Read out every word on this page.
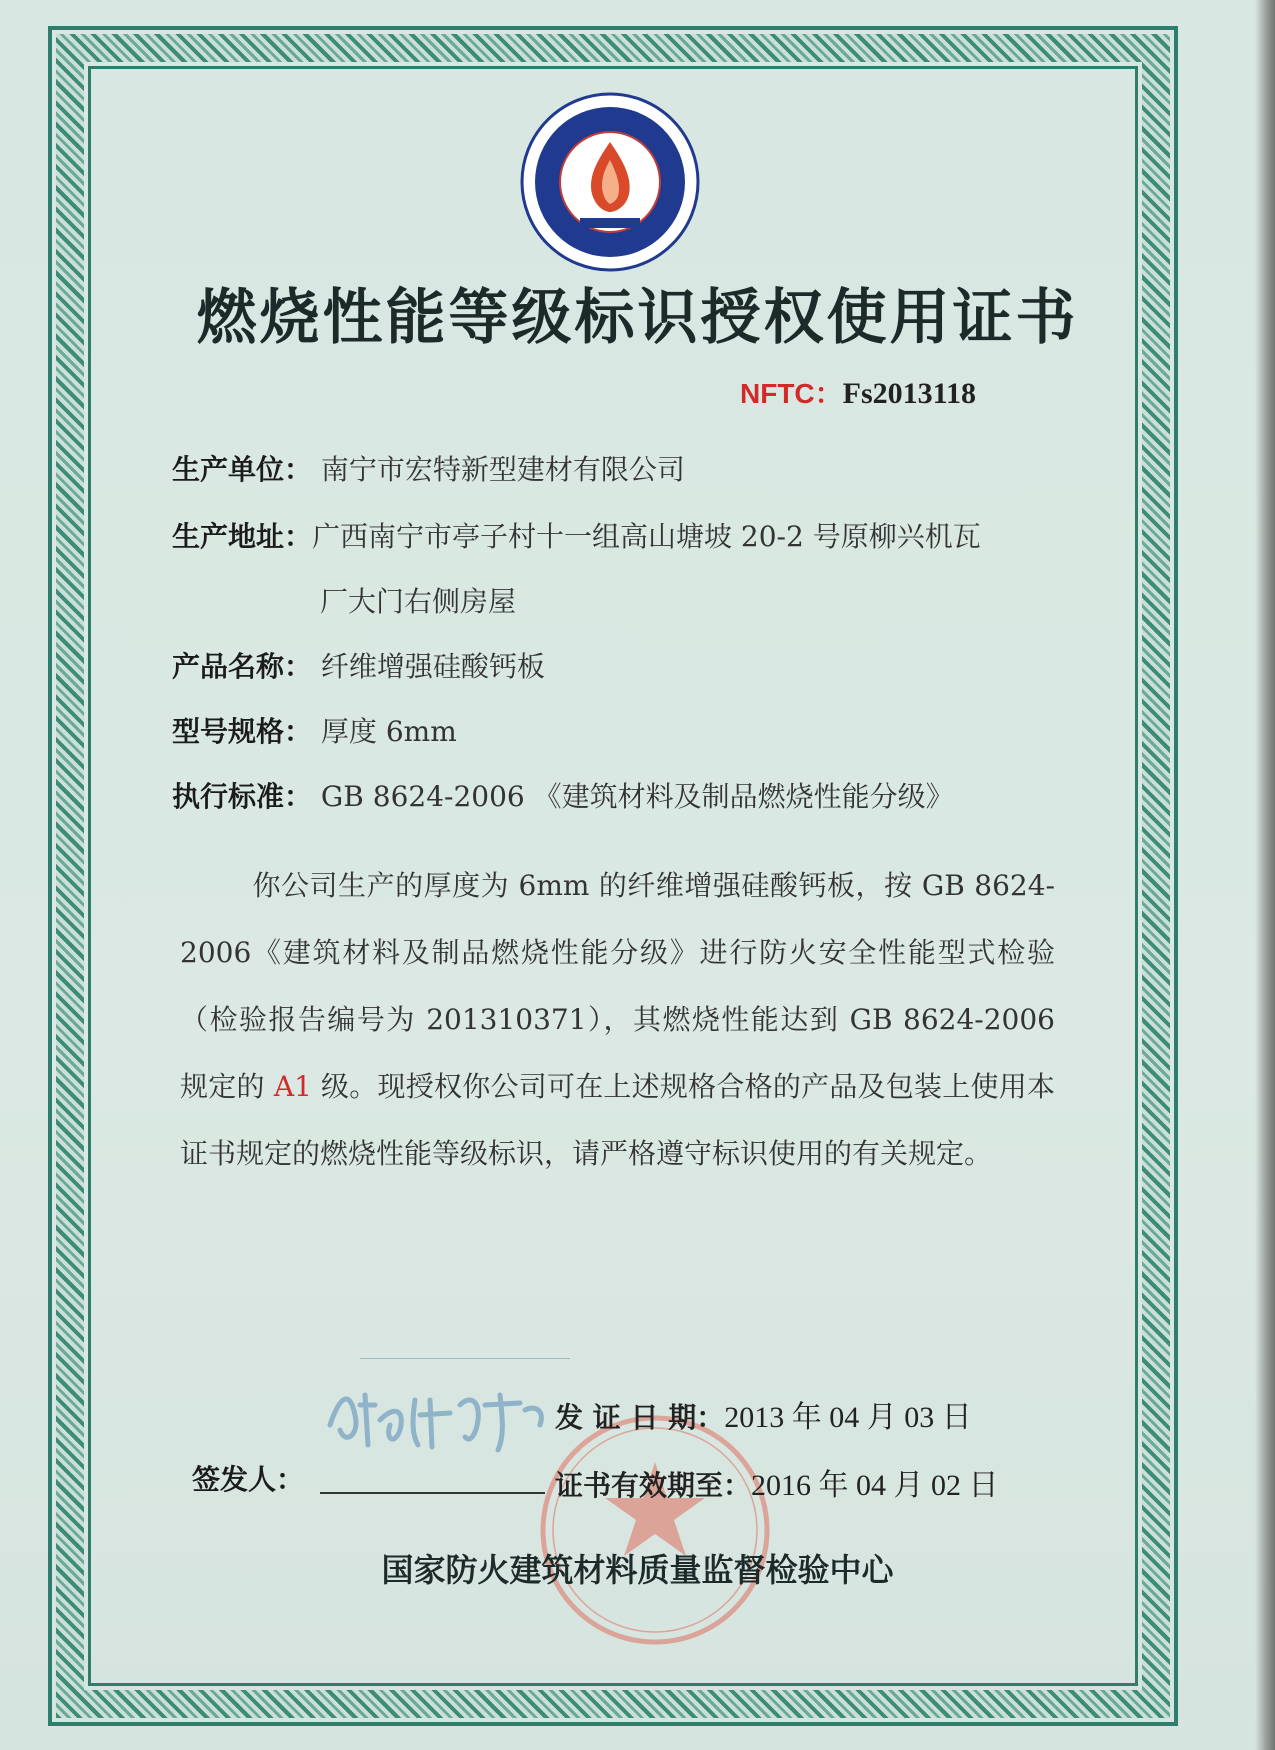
燃烧性能等级标识授权使用证书
NFTC：Fs2013118
生产单位： 南宁市宏特新型建材有限公司
生产地址：广西南宁市亭子村十一组高山塘坡 20-2 号原柳兴机瓦
厂大门右侧房屋
产品名称： 纤维增强硅酸钙板
型号规格： 厚度 6mm
执行标准： GB 8624-2006 《建筑材料及制品燃烧性能分级》

你公司生产的厚度为 6mm 的纤维增强硅酸钙板，按 GB 8624-2006《建筑材料及制品燃烧性能分级》进行防火安全性能型式检验（检验报告编号为 201310371），其燃烧性能达到 GB 8624-2006 规定的 A1 级。现授权你公司可在上述规格合格的产品及包装上使用本证书规定的燃烧性能等级标识，请严格遵守标识使用的有关规定。

签发人：
发 证 日 期：2013 年 04 月 03 日
证书有效期至：2016 年 04 月 02 日
国家防火建筑材料质量监督检验中心
